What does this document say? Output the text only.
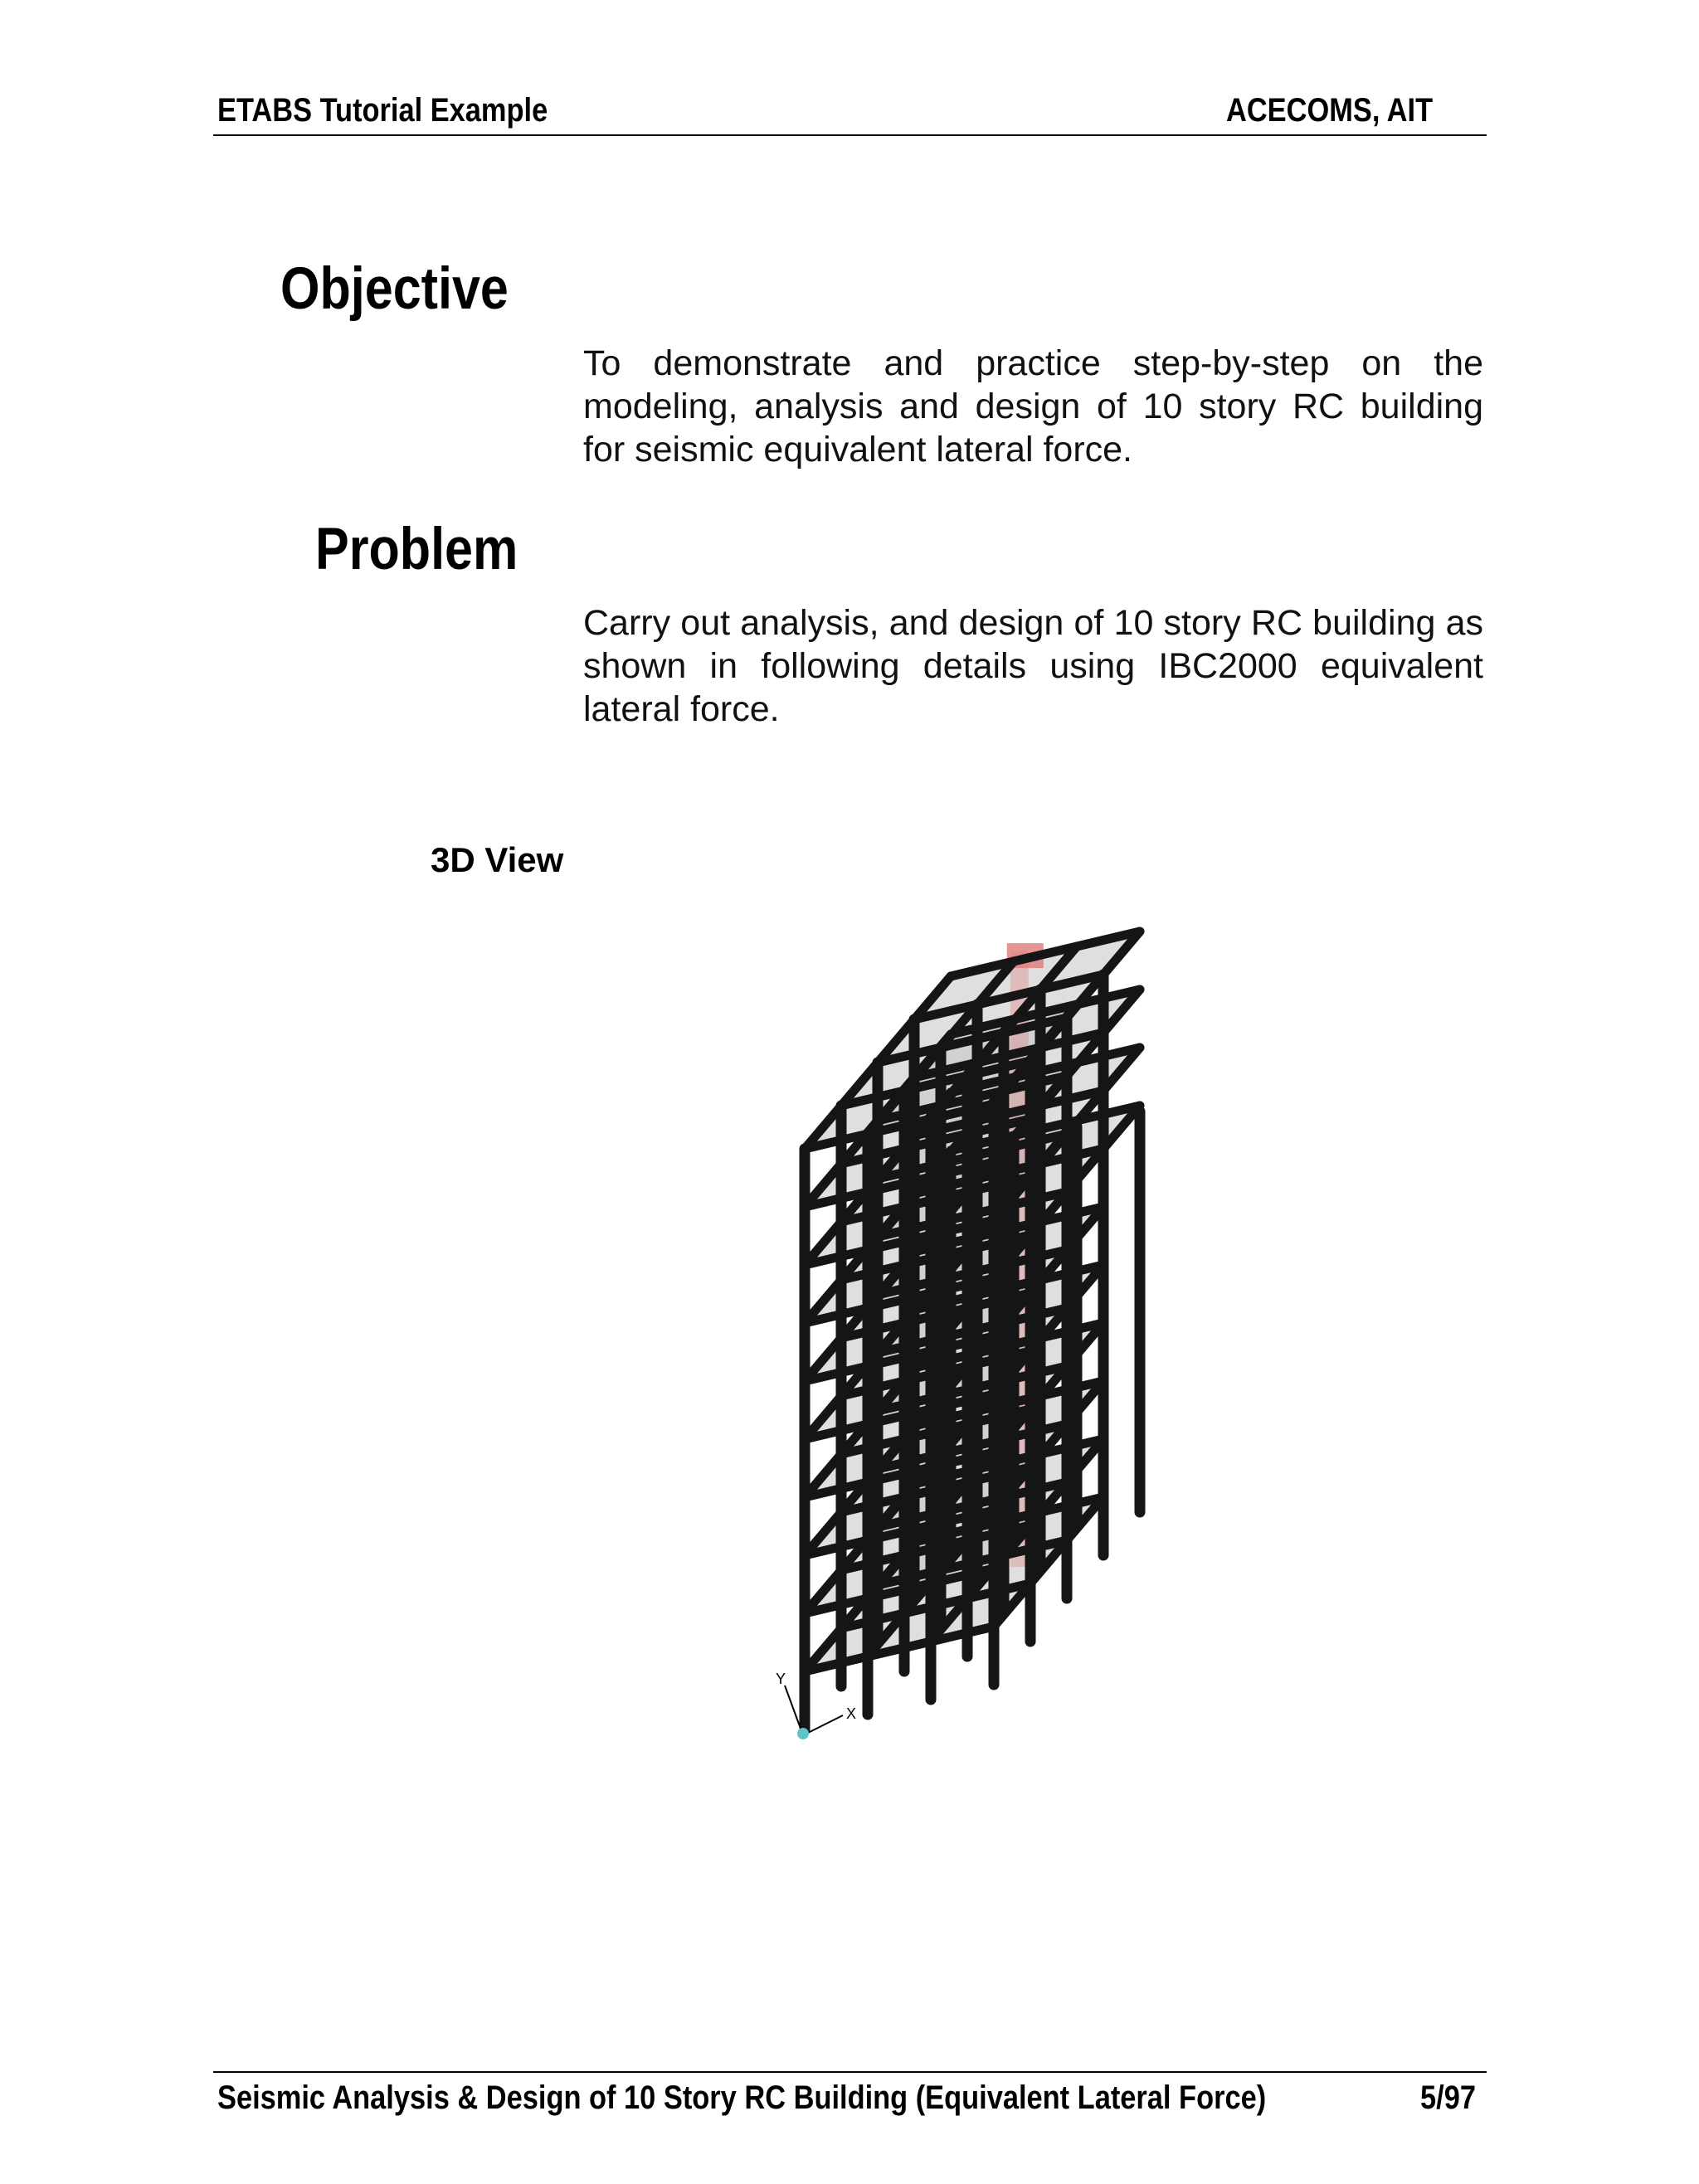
ETABS Tutorial Example	ACECOMS, AIT
Objective
To demonstrate and practice step-by-step on the modeling, analysis and design of 10 story RC building for seismic equivalent lateral force.
Problem
Carry out analysis, and design of 10 story RC building as shown in following details using IBC2000 equivalent lateral force.
3D View
Y
X
Seismic Analysis & Design of 10 Story RC Building (Equivalent Lateral Force)	5/97
